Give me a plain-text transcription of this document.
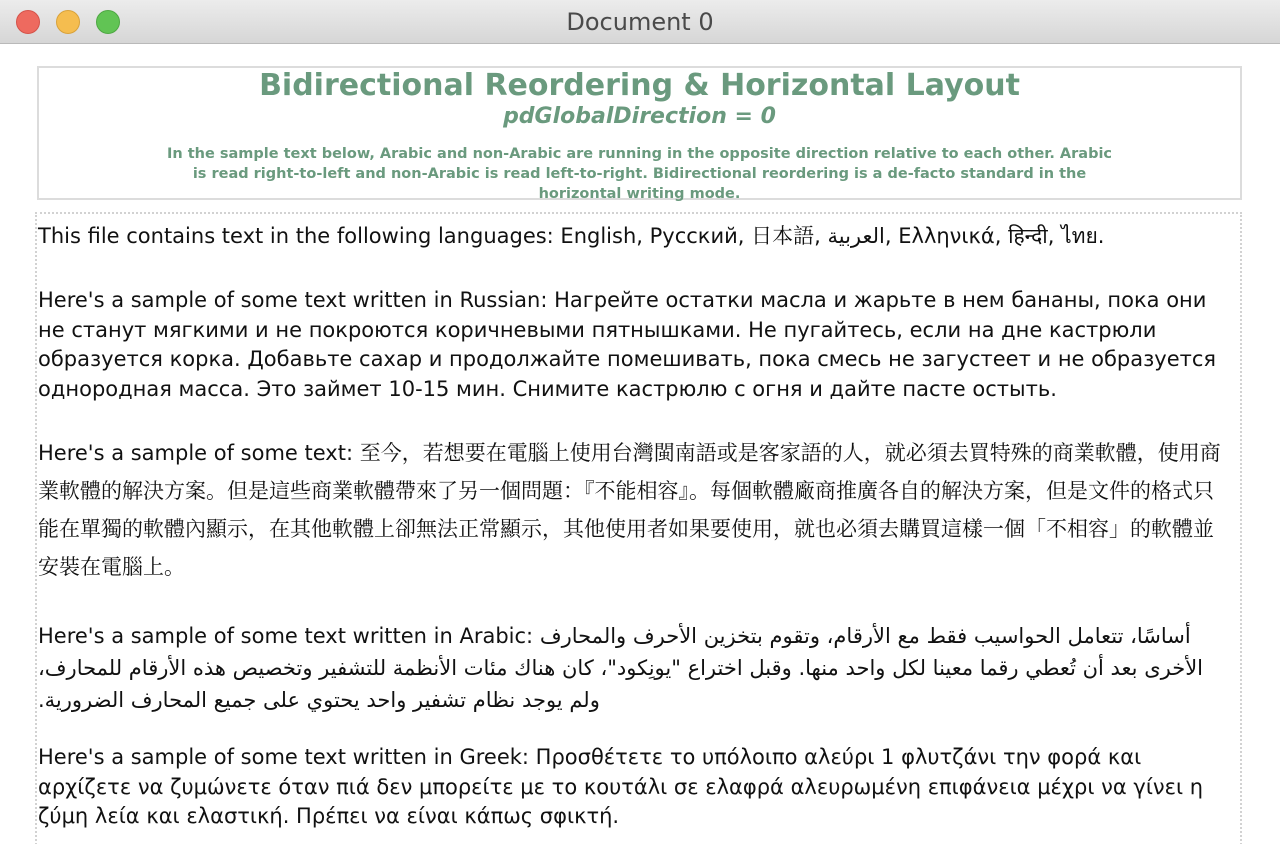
Document 0
Bidirectional Reordering & Horizontal Layout
pdGlobalDirection = 0
In the sample text below, Arabic and non-Arabic are running in the opposite direction relative to each other. Arabic is read right-to-left and non-Arabic is read left-to-right. Bidirectional reordering is a de-facto standard in the horizontal writing mode.

This file contains text in the following languages: English, Русский, 日本語, العربية, Ελληνικά, हिन्दी, ไทย.

Here's a sample of some text written in Russian: Нагрейте остатки масла и жарьте в нем бананы, пока они не станут мягкими и не покроются коричневыми пятнышками. Не пугайтесь, если на дне кастрюли образуется корка. Добавьте сахар и продолжайте помешивать, пока смесь не загустеет и не образуется однородная масса. Это займет 10-15 мин. Снимите кастрюлю с огня и дайте пасте остыть.

Here's a sample of some text: 至今，若想要在電腦上使用台灣閩南語或是客家語的人，就必須去買特殊的商業軟體，使用商業軟體的解決方案。但是這些商業軟體帶來了另一個問題：『不能相容』。每個軟體廠商推廣各自的解決方案，但是文件的格式只能在單獨的軟體內顯示，在其他軟體上卻無法正常顯示，其他使用者如果要使用，就也必須去購買這樣一個「不相容」的軟體並安裝在電腦上。

Here's a sample of some text written in Arabic: أساسًا، تتعامل الحواسيب فقط مع الأرقام، وتقوم بتخزين الأحرف والمحارف الأخرى بعد أن تُعطي رقما معينا لكل واحد منها. وقبل اختراع "يونِكود"، كان هناك مئات الأنظمة للتشفير وتخصيص هذه الأرقام للمحارف، ولم يوجد نظام تشفير واحد يحتوي على جميع المحارف الضرورية.

Here's a sample of some text written in Greek: Προσθέτετε το υπόλοιπο αλεύρι 1 φλυτζάνι την φορά και αρχίζετε να ζυμώνετε όταν πιά δεν μπορείτε με το κουτάλι σε ελαφρά αλευρωμένη επιφάνεια μέχρι να γίνει η ζύμη λεία και ελαστική. Πρέπει να είναι κάπως σφικτή.
